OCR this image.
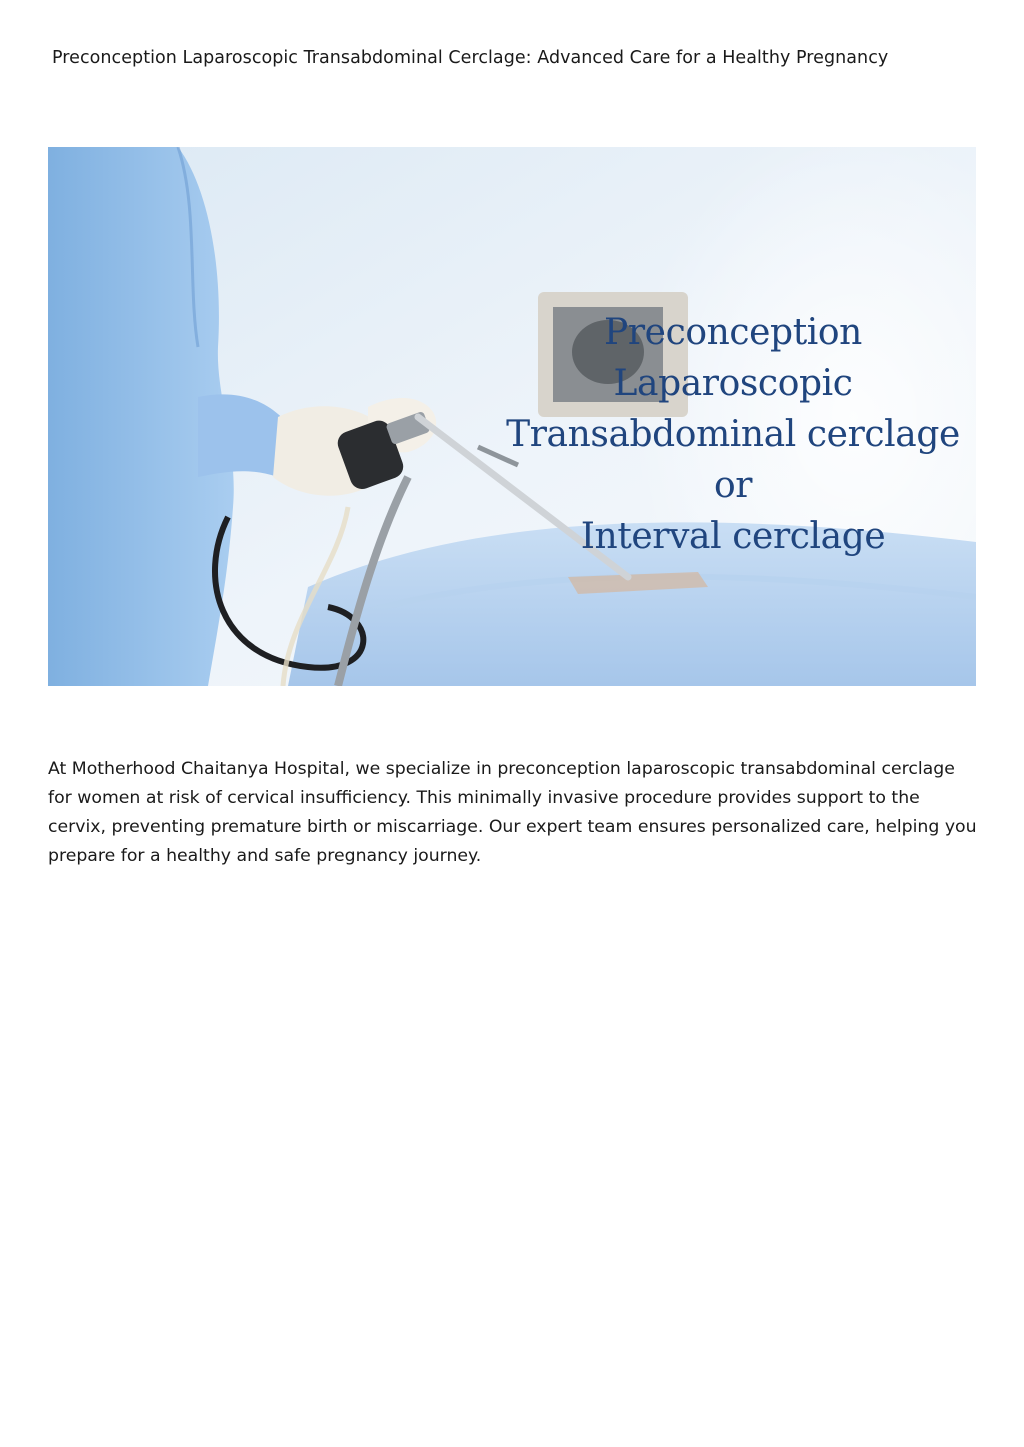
Preconception Laparoscopic Transabdominal Cerclage: Advanced Care for a Healthy Pregnancy
Preconception
Laparoscopic
Transabdominal cerclage
or
Interval cerclage

At Motherhood Chaitanya Hospital, we specialize in preconception laparoscopic transabdominal cerclage for women at risk of cervical insufficiency. This minimally invasive procedure provides support to the cervix, preventing premature birth or miscarriage. Our expert team ensures personalized care, helping you prepare for a healthy and safe pregnancy journey.
